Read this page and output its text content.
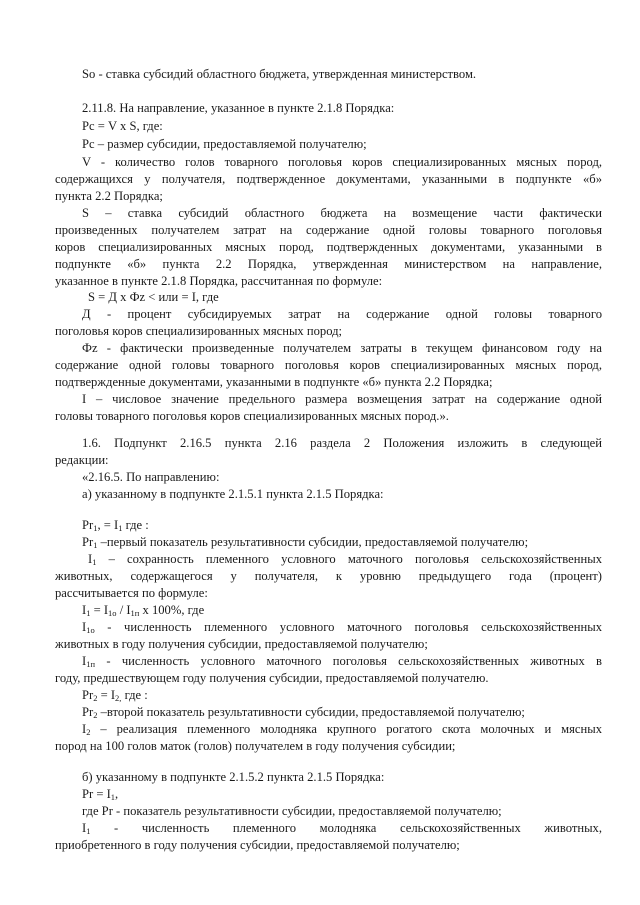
So - ставка субсидий областного бюджета, утвержденная министерством.
2.11.8. На направление, указанное в пункте 2.1.8 Порядка:
Рс = V х S, где:
Рс – размер субсидии, предоставляемой получателю;
V - количество голов товарного поголовья коров специализированных мясных пород,
содержащихся у получателя, подтвержденное документами, указанными в подпункте «б»
пункта 2.2 Порядка;
S – ставка субсидий областного бюджета на возмещение части фактически
произведенных получателем затрат на содержание одной головы товарного поголовья
коров специализированных мясных пород, подтвержденных документами, указанными в
подпункте «б» пункта 2.2 Порядка, утвержденная министерством на направление,
указанное в пункте 2.1.8 Порядка, рассчитанная по формуле:
S = Д х Фz < или = I, где
Д - процент субсидируемых затрат на содержание одной головы товарного
поголовья коров специализированных мясных пород;
Фz - фактически произведенные получателем затраты в текущем финансовом году на
содержание одной головы товарного поголовья коров специализированных мясных пород,
подтвержденные документами, указанными в подпункте «б» пункта 2.2 Порядка;
I – числовое значение предельного размера возмещения затрат на содержание одной
головы товарного поголовья коров специализированных мясных пород.».
1.6. Подпункт 2.16.5 пункта 2.16 раздела 2 Положения изложить в следующей
редакции:
«2.16.5. По направлению:
а) указанному в подпункте 2.1.5.1 пункта 2.1.5 Порядка:
$Pr_1$, = $I_1$ где :
$Pr_1$ –первый показатель результативности субсидии, предоставляемой получателю;
$I_1$ – сохранность племенного условного маточного поголовья сельскохозяйственных
животных, содержащегося у получателя, к уровню предыдущего года (процент)
рассчитывается по формуле:
$I_1 = I_{1о} / I_{1п}$ х 100%, где
$I_{1о}$ - численность племенного условного маточного поголовья сельскохозяйственных
животных в году получения субсидии, предоставляемой получателю;
$I_{1п}$ - численность условного маточного поголовья сельскохозяйственных животных в
году, предшествующем году получения субсидии, предоставляемой получателю.
$Pr_2 = I_{2,}$ где :
$Pr_2$ –второй показатель результативности субсидии, предоставляемой получателю;
$I_2$ – реализация племенного молодняка крупного рогатого скота молочных и мясных
пород на 100 голов маток (голов) получателем в году получения субсидии;
б) указанному в подпункте 2.1.5.2 пункта 2.1.5 Порядка:
$Pr = I_1$,
где Pr - показатель результативности субсидии, предоставляемой получателю;
$I_1$ - численность племенного молодняка сельскохозяйственных животных,
приобретенного в году получения субсидии, предоставляемой получателю;
